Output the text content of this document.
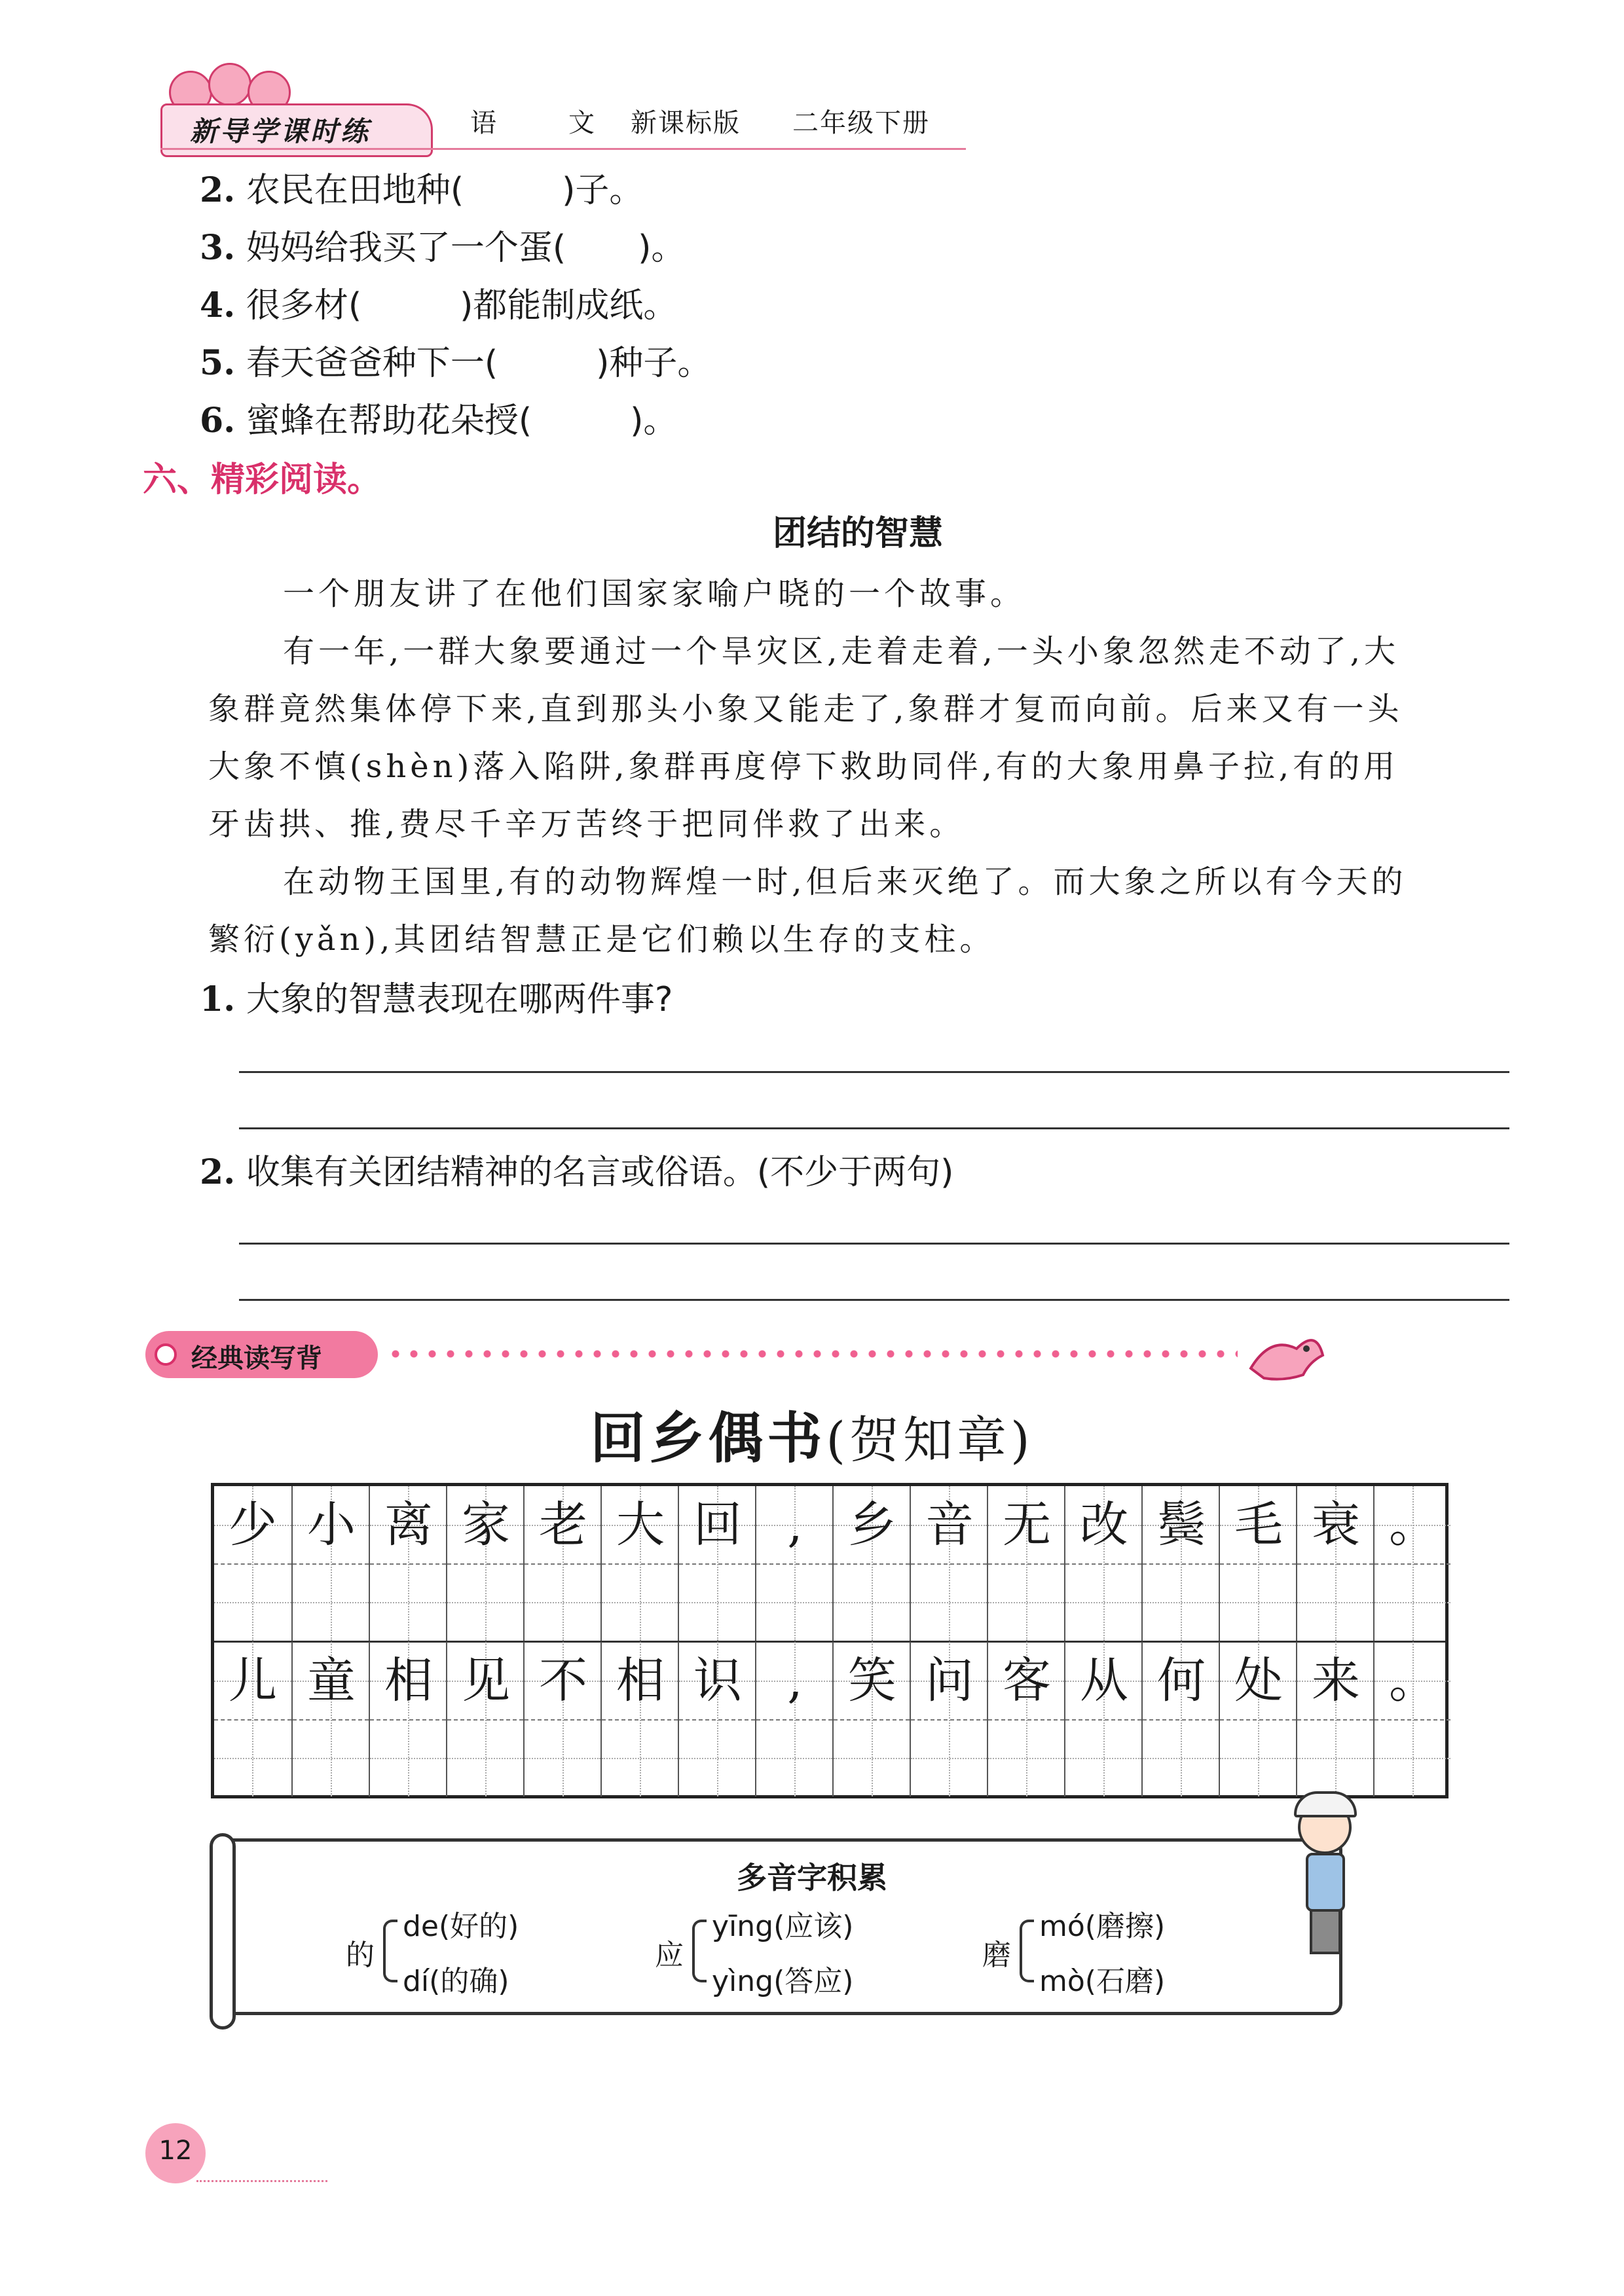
新导学课时练	语	文 新课标版 二年级下册
2. 农民在田地种(	)子。
3. 妈妈给我买了一个蛋( )。
4. 很多材(	)都能制成纸。
5. 春天爸爸种下一(	)种子。
6. 蜜蜂在帮助花朵授(	)。
六、精彩阅读。
团结的智慧
一个朋友讲了在他们国家家喻户晓的一个故事。
有一年,一群大象要通过一个旱灾区,走着走着,一头小象忽然走不动了,大
象群竟然集体停下来,直到那头小象又能走了,象群才复而向前。后来又有一头
大象不慎(shèn)落入陷阱,象群再度停下救助同伴,有的大象用鼻子拉,有的用
牙齿拱、推,费尽千辛万苦终于把同伴救了出来。
在动物王国里,有的动物辉煌一时,但后来灭绝了。而大象之所以有今天的
繁衍(yǎn),其团结智慧正是它们赖以生存的支柱。
1. 大象的智慧表现在哪两件事?
2. 收集有关团结精神的名言或俗语。(不少于两句)
经典读写背
回乡偶书(贺知章)
少 小 离 家 老 大 回 , 乡 音 无 改 鬓 毛 衰 。
儿 童 相 见 不 相 识 , 笑 问 客 从 何 处 来 。
多音字积累
的
de(好的)
dí(的确)
应
yīng(应该)
yìng(答应)
磨
mó(磨擦)
mò(石磨)
12
